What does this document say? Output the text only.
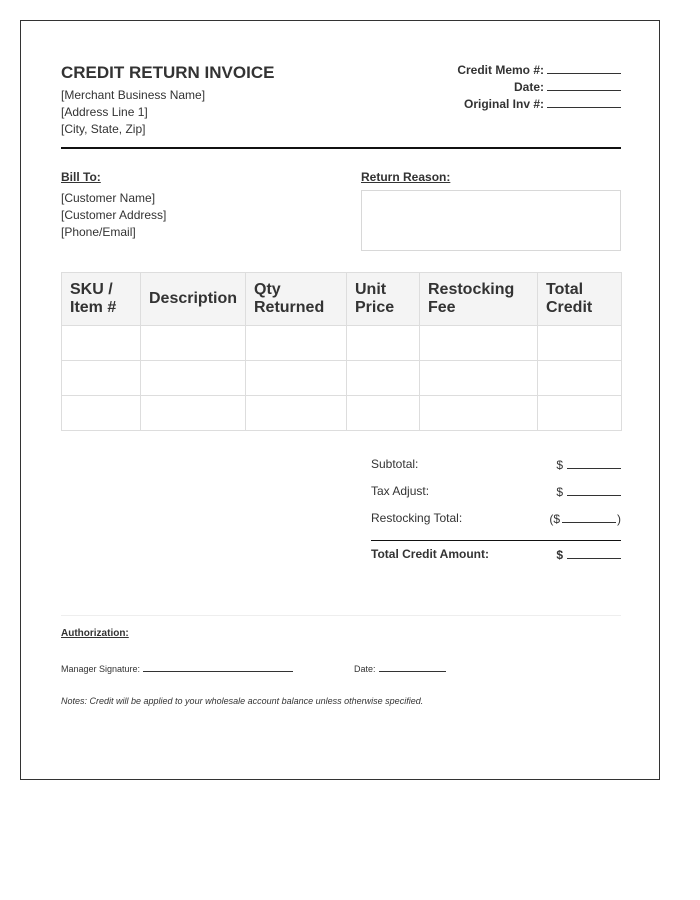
CREDIT RETURN INVOICE
[Merchant Business Name]
[Address Line 1]
[City, State, Zip]
Credit Memo #:
Date:
Original Inv #:
Bill To:
[Customer Name]
[Customer Address]
[Phone/Email]
Return Reason:
SKU / Item #	Description	Qty Returned	Unit Price	Restocking Fee	Total Credit

Subtotal:	$
Tax Adjust:	$
Restocking Total:	($	)
Total Credit Amount:	$
Authorization:
Manager Signature:	Date:
Notes: Credit will be applied to your wholesale account balance unless otherwise specified.
